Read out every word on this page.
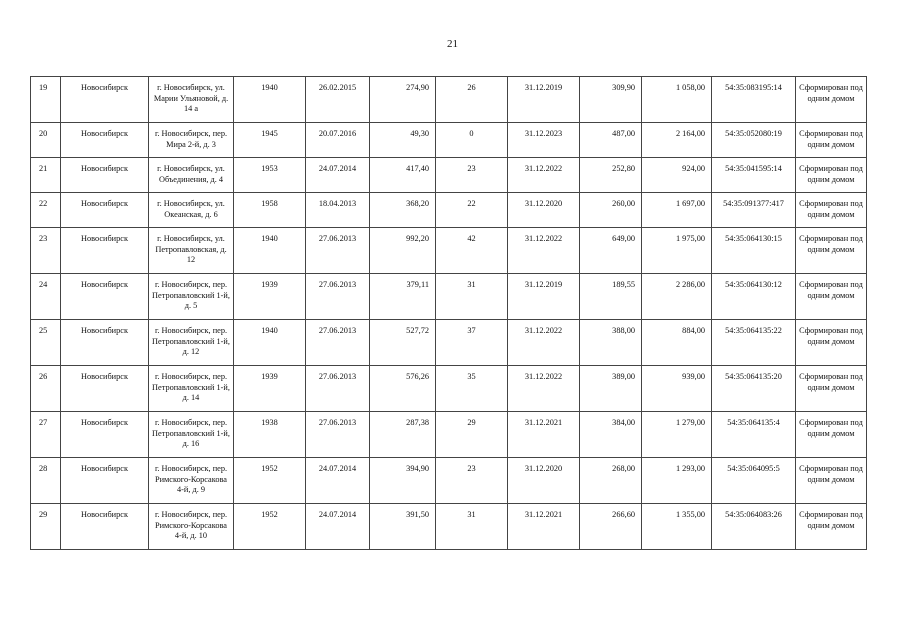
21
19	Новосибирск	г. Новосибирск, ул. Марии Ульяновой, д. 14 а	1940	26.02.2015	274,90	26	31.12.2019	309,90	1 058,00	54:35:083195:14	Сформирован под одним домом
20	Новосибирск	г. Новосибирск, пер. Мира 2-й, д. 3	1945	20.07.2016	49,30	0	31.12.2023	487,00	2 164,00	54:35:052080:19	Сформирован под одним домом
21	Новосибирск	г. Новосибирск, ул. Объединения, д. 4	1953	24.07.2014	417,40	23	31.12.2022	252,80	924,00	54:35:041595:14	Сформирован под одним домом
22	Новосибирск	г. Новосибирск, ул. Океанская, д. 6	1958	18.04.2013	368,20	22	31.12.2020	260,00	1 697,00	54:35:091377:417	Сформирован под одним домом
23	Новосибирск	г. Новосибирск, ул. Петропавловская, д. 12	1940	27.06.2013	992,20	42	31.12.2022	649,00	1 975,00	54:35:064130:15	Сформирован под одним домом
24	Новосибирск	г. Новосибирск, пер. Петропавловский 1-й, д. 5	1939	27.06.2013	379,11	31	31.12.2019	189,55	2 286,00	54:35:064130:12	Сформирован под одним домом
25	Новосибирск	г. Новосибирск, пер. Петропавловский 1-й, д. 12	1940	27.06.2013	527,72	37	31.12.2022	388,00	884,00	54:35:064135:22	Сформирован под одним домом
26	Новосибирск	г. Новосибирск, пер. Петропавловский 1-й, д. 14	1939	27.06.2013	576,26	35	31.12.2022	389,00	939,00	54:35:064135:20	Сформирован под одним домом
27	Новосибирск	г. Новосибирск, пер. Петропавловский 1-й, д. 16	1938	27.06.2013	287,38	29	31.12.2021	384,00	1 279,00	54:35:064135:4	Сформирован под одним домом
28	Новосибирск	г. Новосибирск, пер. Римского-Корсакова 4-й, д. 9	1952	24.07.2014	394,90	23	31.12.2020	268,00	1 293,00	54:35:064095:5	Сформирован под одним домом
29	Новосибирск	г. Новосибирск, пер. Римского-Корсакова 4-й, д. 10	1952	24.07.2014	391,50	31	31.12.2021	266,60	1 355,00	54:35:064083:26	Сформирован под одним домом
